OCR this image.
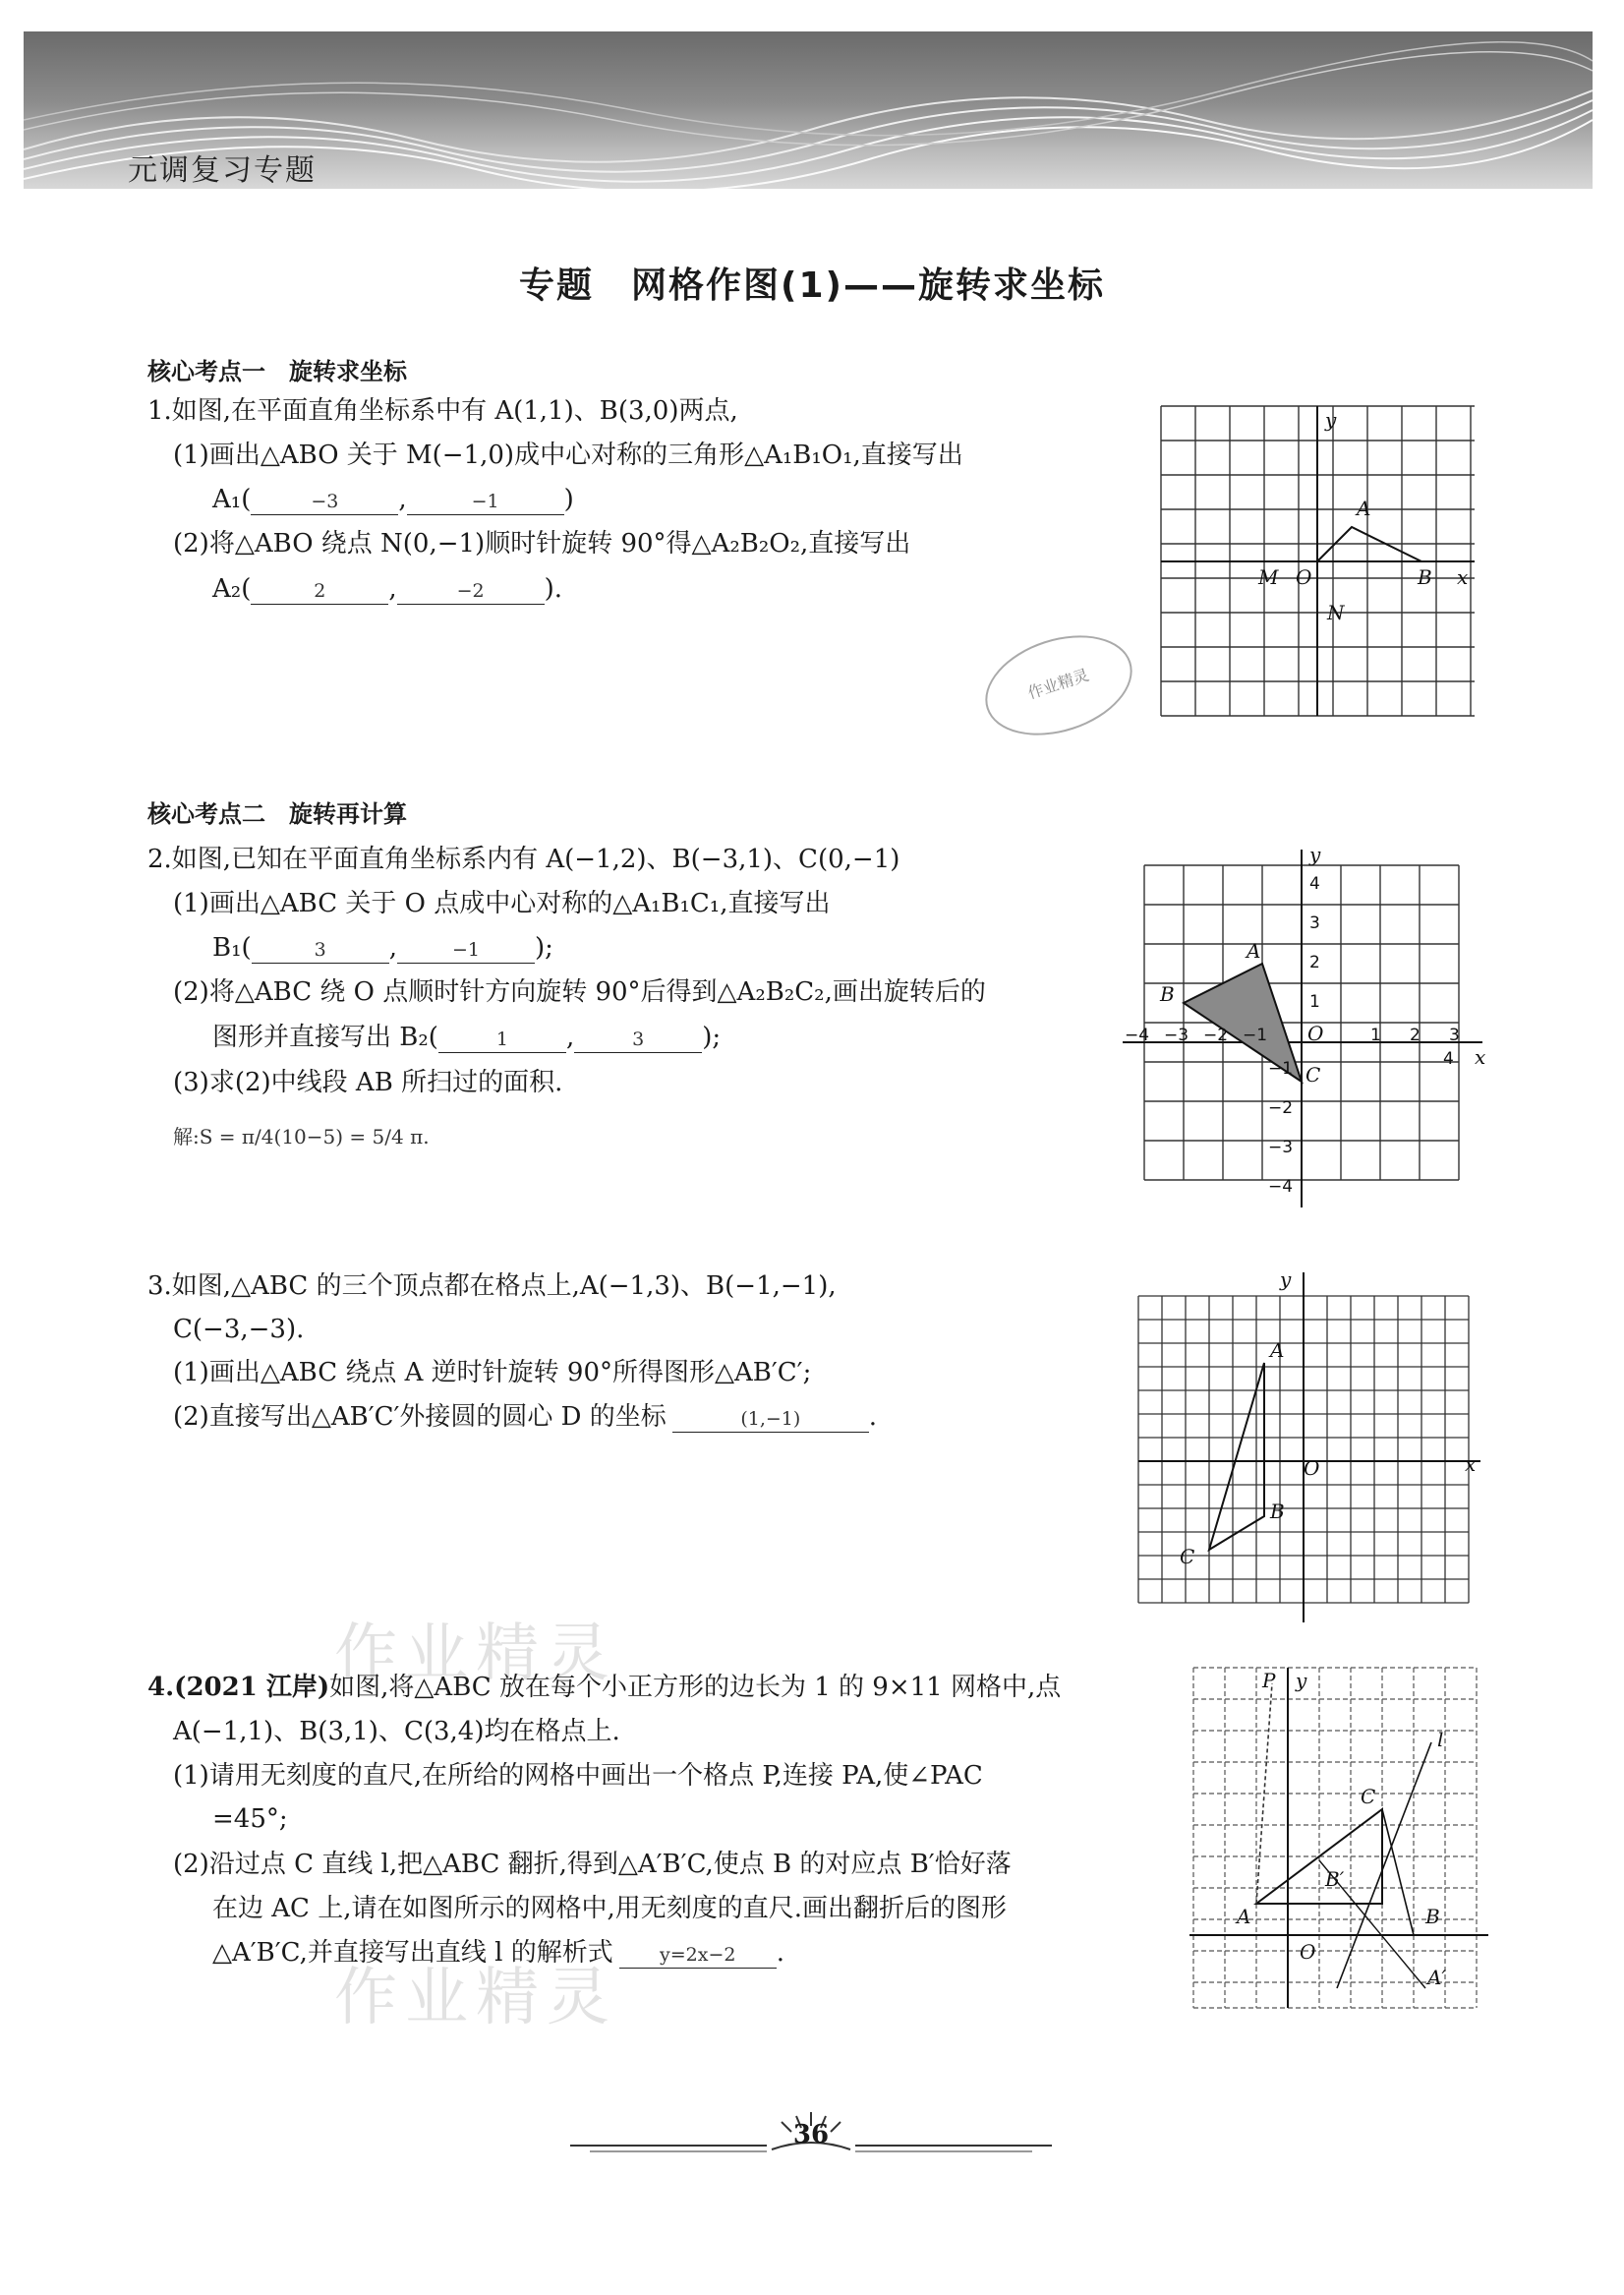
元调复习专题
专题　网格作图(1)——旋转求坐标
核心考点一　旋转求坐标
1.如图,在平面直角坐标系中有 A(1,1)、B(3,0)两点,
(1)画出△ABO 关于 M(−1,0)成中心对称的三角形△A₁B₁O₁,直接写出
A₁(	−3 ,	−1	)
(2)将△ABO 绕点 N(0,−1)顺时针旋转 90°得△A₂B₂O₂,直接写出
A₂(	2 ,	−2 ).
y
A
M O	B x
N
作业精灵
核心考点二　旋转再计算
2.如图,已知在平面直角坐标系内有 A(−1,2)、B(−3,1)、C(0,−1)
(1)画出△ABC 关于 O 点成中心对称的△A₁B₁C₁,直接写出
B₁(	3 ,	−1 );
(2)将△ABC 绕 O 点顺时针方向旋转 90°后得到△A₂B₂C₂,画出旋转后的
图形并直接写出 B₂(	1 ,	3 );
(3)求(2)中线段 AB 所扫过的面积.
解:S = π/4(10−5) = 5/4 π.
y
A
B
O
C
x
−4 −3 −2 −1	1 2 3
4
4
3
2
1
−1
−2
−3
−4
3.如图,△ABC 的三个顶点都在格点上,A(−1,3)、B(−1,−1),
C(−3,−3).
(1)画出△ABC 绕点 A 逆时针旋转 90°所得图形△AB′C′;
(2)直接写出△AB′C′外接圆的圆心 D 的坐标	(1,−1)	.
y
A
O	x
B
C
作业精灵
作业精灵
4.(2021 江岸)如图,将△ABC 放在每个小正方形的边长为 1 的 9×11 网格中,点
A(−1,1)、B(3,1)、C(3,4)均在格点上.
(1)请用无刻度的直尺,在所给的网格中画出一个格点 P,连接 PA,使∠PAC
=45°;
(2)沿过点 C 直线 l,把△ABC 翻折,得到△A′B′C,使点 B 的对应点 B′恰好落
在边 AC 上,请在如图所示的网格中,用无刻度的直尺.画出翻折后的图形
△A′B′C,并直接写出直线 l 的解析式 y=2x−2 .
P y
l
C
B′
A	B
O
A′
36
